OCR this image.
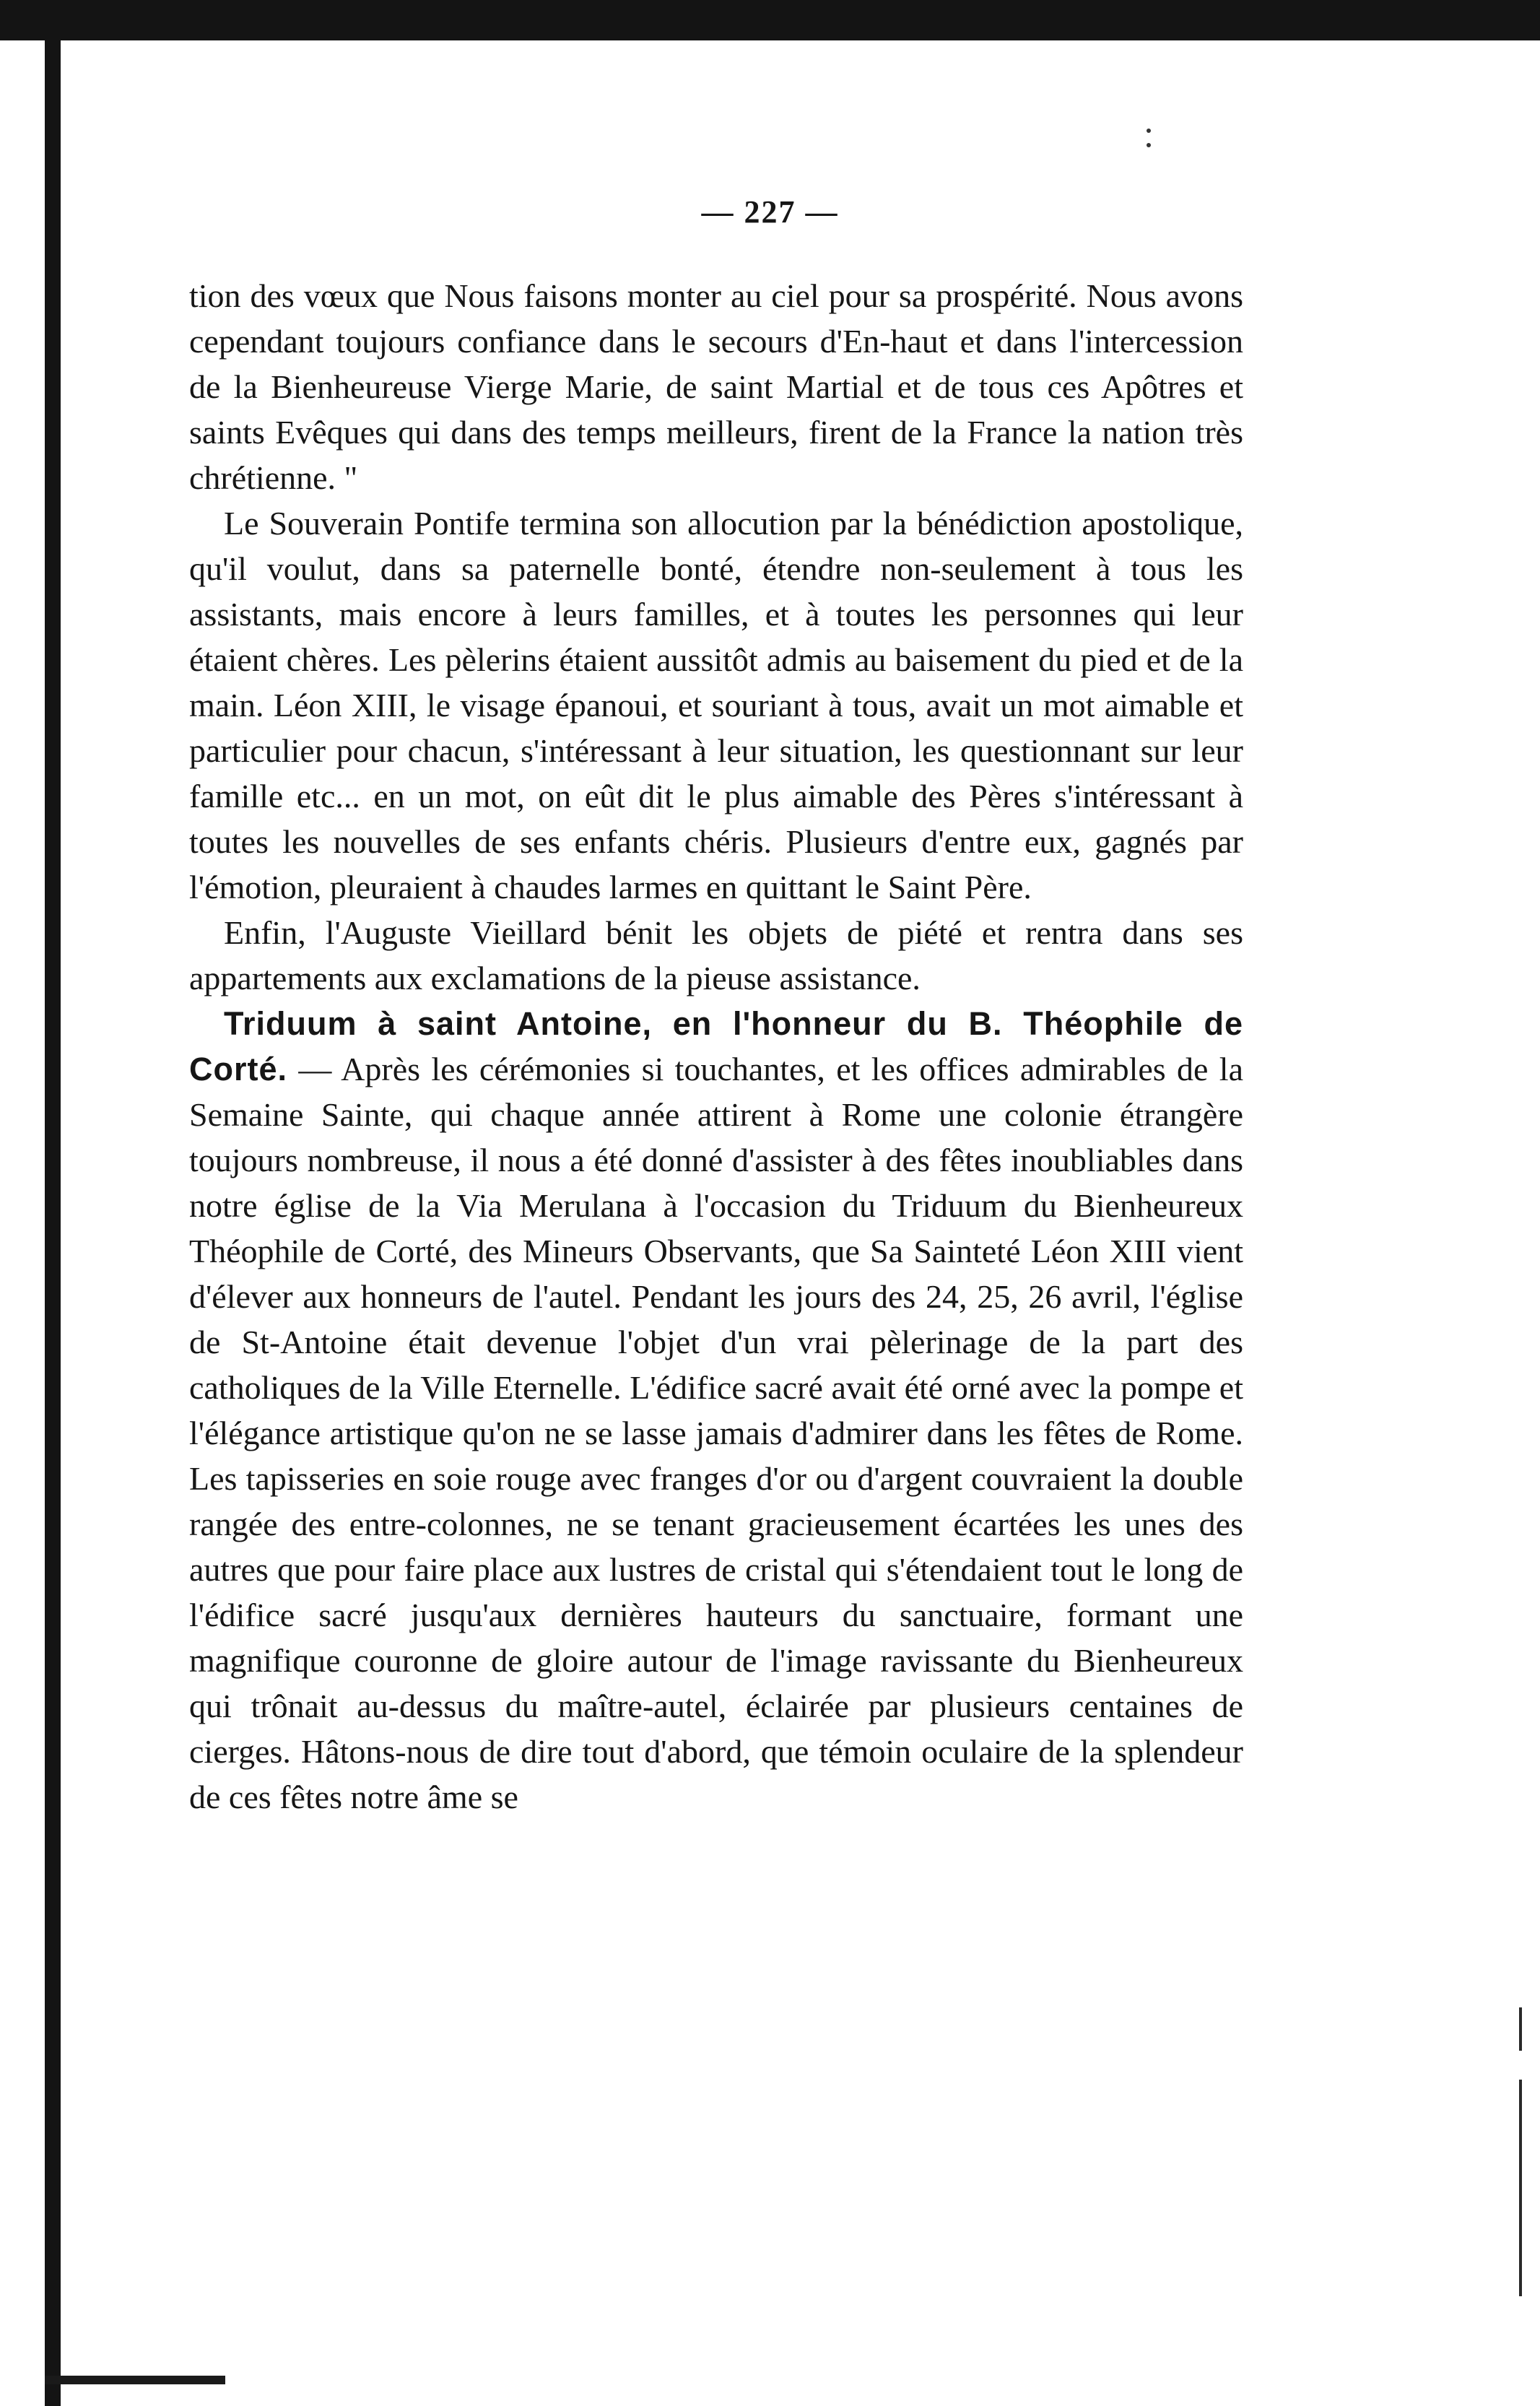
— 227 —

tion des vœux que Nous faisons monter au ciel pour sa prospérité. Nous avons cependant toujours confiance dans le secours d'En-haut et dans l'intercession de la Bienheureuse Vierge Marie, de saint Martial et de tous ces Apôtres et saints Evêques qui dans des temps meilleurs, firent de la France la nation très chrétienne. "

Le Souverain Pontife termina son allocution par la bénédiction apostolique, qu'il voulut, dans sa paternelle bonté, étendre non-seulement à tous les assistants, mais encore à leurs familles, et à toutes les personnes qui leur étaient chères. Les pèlerins étaient aussitôt admis au baisement du pied et de la main. Léon XIII, le visage épanoui, et souriant à tous, avait un mot aimable et particulier pour chacun, s'intéressant à leur situation, les questionnant sur leur famille etc... en un mot, on eût dit le plus aimable des Pères s'intéressant à toutes les nouvelles de ses enfants chéris. Plusieurs d'entre eux, gagnés par l'émotion, pleuraient à chaudes larmes en quittant le Saint Père.

Enfin, l'Auguste Vieillard bénit les objets de piété et rentra dans ses appartements aux exclamations de la pieuse assistance.

Triduum à saint Antoine, en l'honneur du B. Théophile de Corté. — Après les cérémonies si touchantes, et les offices admirables de la Semaine Sainte, qui chaque année attirent à Rome une colonie étrangère toujours nombreuse, il nous a été donné d'assister à des fêtes inoubliables dans notre église de la Via Merulana à l'occasion du Triduum du Bienheureux Théophile de Corté, des Mineurs Observants, que Sa Sainteté Léon XIII vient d'élever aux honneurs de l'autel. Pendant les jours des 24, 25, 26 avril, l'église de St-Antoine était devenue l'objet d'un vrai pèlerinage de la part des catholiques de la Ville Eternelle. L'édifice sacré avait été orné avec la pompe et l'élégance artistique qu'on ne se lasse jamais d'admirer dans les fêtes de Rome. Les tapisseries en soie rouge avec franges d'or ou d'argent couvraient la double rangée des entre-colonnes, ne se tenant gracieusement écartées les unes des autres que pour faire place aux lustres de cristal qui s'étendaient tout le long de l'édifice sacré jusqu'aux dernières hauteurs du sanctuaire, formant une magnifique couronne de gloire autour de l'image ravissante du Bienheureux qui trônait au-dessus du maître-autel, éclairée par plusieurs centaines de cierges. Hâtons-nous de dire tout d'abord, que témoin oculaire de la splendeur de ces fêtes notre âme se
